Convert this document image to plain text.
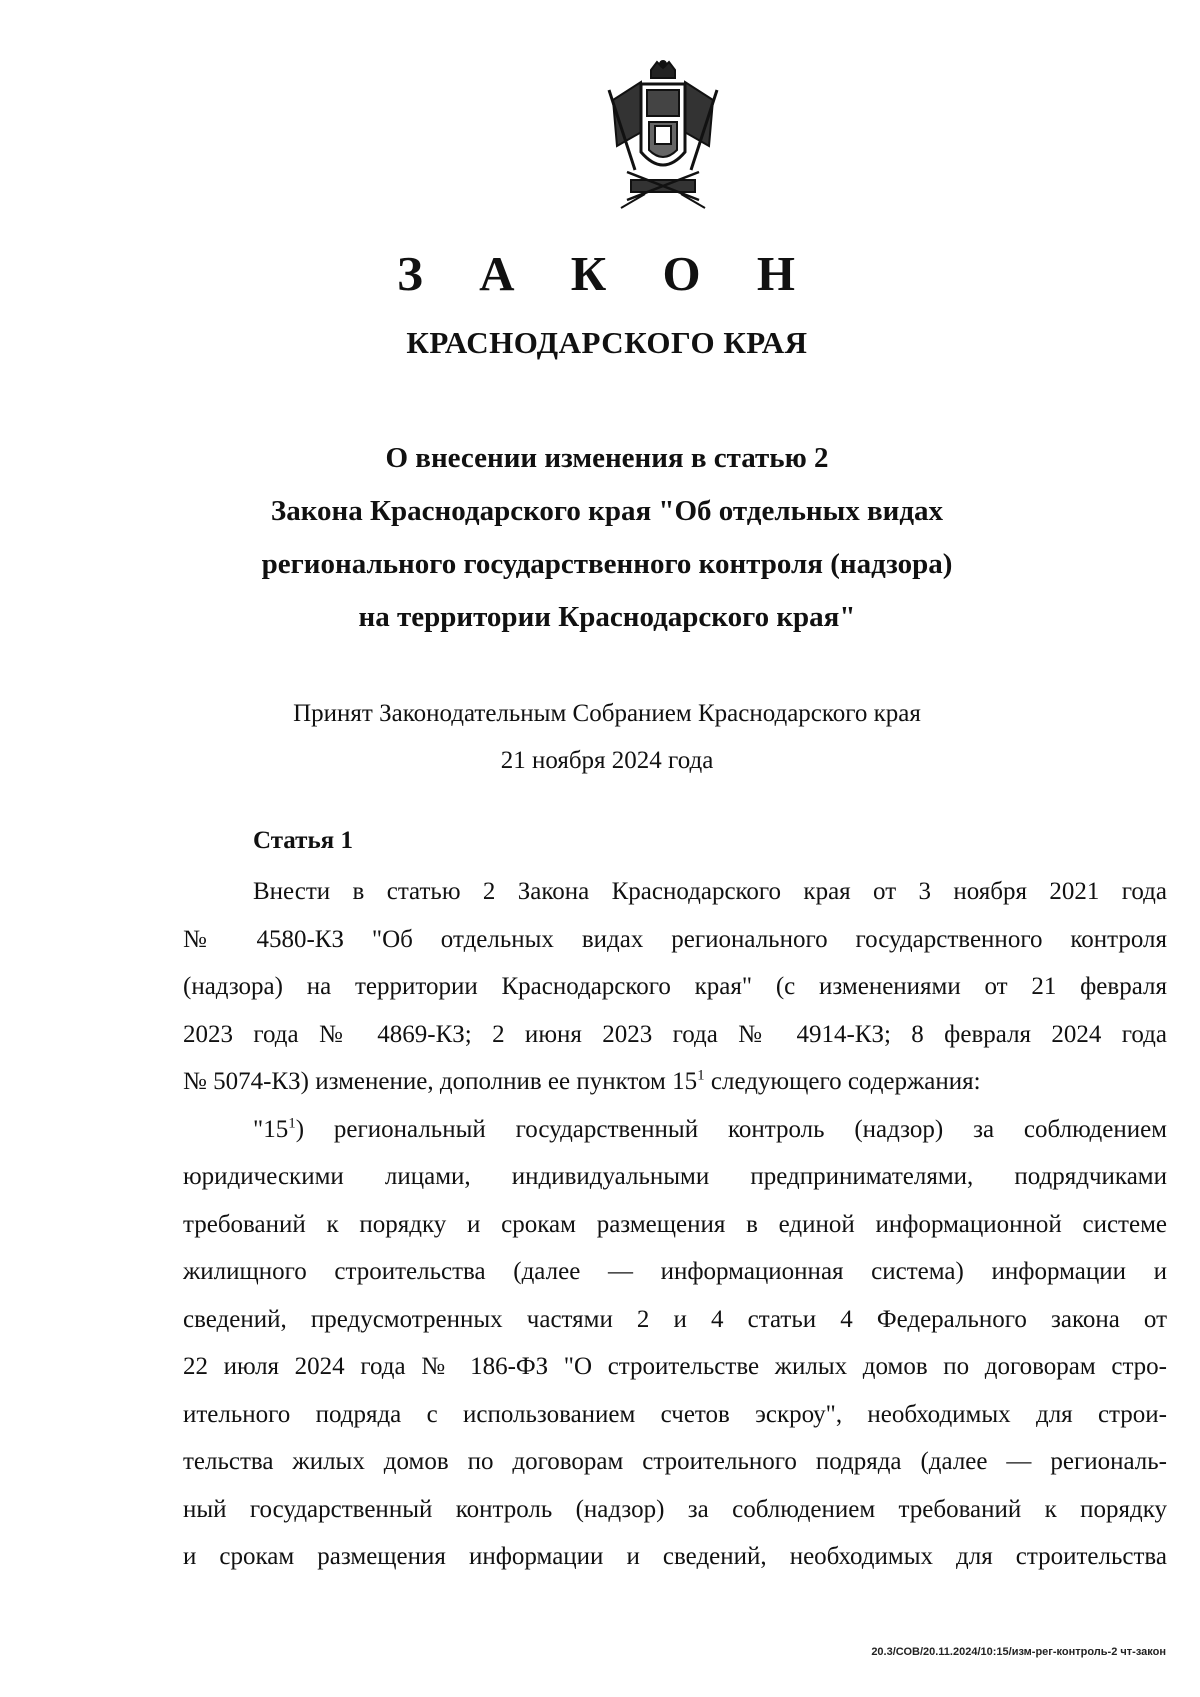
З А К О Н
КРАСНОДАРСКОГО КРАЯ
О внесении изменения в статью 2
Закона Краснодарского края "Об отдельных видах
регионального государственного контроля (надзора)
на территории Краснодарского края"
Принят Законодательным Собранием Краснодарского края
21 ноября 2024 года
Статья 1
Внести в статью 2 Закона Краснодарского края от 3 ноября 2021 года
№ 4580-КЗ "Об отдельных видах регионального государственного контроля
(надзора) на территории Краснодарского края" (с изменениями от 21 февраля
2023 года № 4869-КЗ; 2 июня 2023 года № 4914-КЗ; 8 февраля 2024 года
№ 5074-КЗ) изменение, дополнив ее пунктом $15^1$ следующего содержания:
"$15^1$) региональный государственный контроль (надзор) за соблюдением
юридическими лицами, индивидуальными предпринимателями, подрядчиками
требований к порядку и срокам размещения в единой информационной системе
жилищного строительства (далее — информационная система) информации и
сведений, предусмотренных частями 2 и 4 статьи 4 Федерального закона от
22 июля 2024 года № 186-ФЗ "О строительстве жилых домов по договорам стро-
ительного подряда с использованием счетов эскроу", необходимых для строи-
тельства жилых домов по договорам строительного подряда (далее — региональ-
ный государственный контроль (надзор) за соблюдением требований к порядку
и срокам размещения информации и сведений, необходимых для строительства
20.3/СОВ/20.11.2024/10:15/изм-рег-контроль-2 чт-закон
